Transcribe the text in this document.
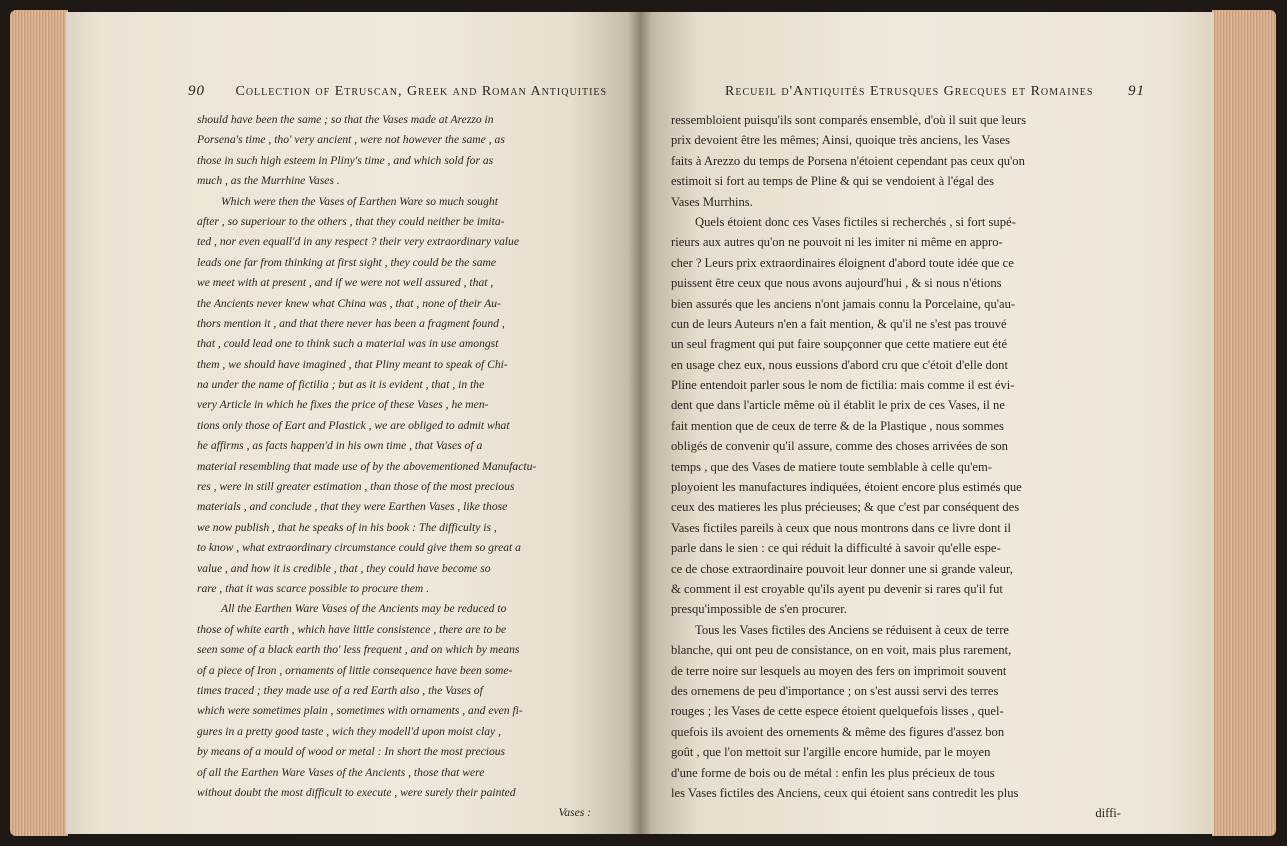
90 Collection of Etruscan, Greek and Roman Antiquities
should have been the same ; so that the Vases made at Arezzo in
Porsena's time , tho' very ancient , were not however the same , as
those in such high esteem in Pliny's time , and which sold for as
much , as the Murrhine Vases .
Which were then the Vases of Earthen Ware so much sought
after , so superiour to the others , that they could neither be imita-
ted , nor even equall'd in any respect ? their very extraordinary value
leads one far from thinking at first sight , they could be the same
we meet with at present , and if we were not well assured , that ,
the Ancients never knew what China was , that , none of their Au-
thors mention it , and that there never has been a fragment found ,
that , could lead one to think such a material was in use amongst
them , we should have imagined , that Pliny meant to speak of Chi-
na under the name of fictilia ; but as it is evident , that , in the
very Article in which he fixes the price of these Vases , he men-
tions only those of Eart and Plastick , we are obliged to admit what
he affirms , as facts happen'd in his own time , that Vases of a
material resembling that made use of by the abovementioned Manufactu-
res , were in still greater estimation , than those of the most precious
materials , and conclude , that they were Earthen Vases , like those
we now publish , that he speaks of in his book : The difficulty is ,
to know , what extraordinary circumstance could give them so great a
value , and how it is credible , that , they could have become so
rare , that it was scarce possible to procure them .
All the Earthen Ware Vases of the Ancients may be reduced to
those of white earth , which have little consistence , there are to be
seen some of a black earth tho' less frequent , and on which by means
of a piece of Iron , ornaments of little consequence have been some-
times traced ; they made use of a red Earth also , the Vases of
which were sometimes plain , sometimes with ornaments , and even fi-
gures in a pretty good taste , wich they modell'd upon moist clay ,
by means of a mould of wood or metal : In short the most precious
of all the Earthen Ware Vases of the Ancients , those that were
without doubt the most difficult to execute , were surely their painted
Vases :
Recueil d'Antiquités Etrusques Grecques et Romaines 91
ressembloient puisqu'ils sont comparés ensemble, d'où il suit que leurs
prix devoient être les mêmes; Ainsi, quoique très anciens, les Vases
faits à Arezzo du temps de Porsena n'étoient cependant pas ceux qu'on
estimoit si fort au temps de Pline & qui se vendoient à l'égal des
Vases Murrhins.
Quels étoient donc ces Vases fictiles si recherchés , si fort supé-
rieurs aux autres qu'on ne pouvoit ni les imiter ni même en appro-
cher ? Leurs prix extraordinaires éloignent d'abord toute idée que ce
puissent être ceux que nous avons aujourd'hui , & si nous n'étions
bien assurés que les anciens n'ont jamais connu la Porcelaine, qu'au-
cun de leurs Auteurs n'en a fait mention, & qu'il ne s'est pas trouvé
un seul fragment qui put faire soupçonner que cette matiere eut été
en usage chez eux, nous eussions d'abord cru que c'étoit d'elle dont
Pline entendoit parler sous le nom de fictilia: mais comme il est évi-
dent que dans l'article même où il établit le prix de ces Vases, il ne
fait mention que de ceux de terre & de la Plastique , nous sommes
obligés de convenir qu'il assure, comme des choses arrivées de son
temps , que des Vases de matiere toute semblable à celle qu'em-
ployoient les manufactures indiquées, étoient encore plus estimés que
ceux des matieres les plus précieuses; & que c'est par conséquent des
Vases fictiles pareils à ceux que nous montrons dans ce livre dont il
parle dans le sien : ce qui réduit la difficulté à savoir qu'elle espe-
ce de chose extraordinaire pouvoit leur donner une si grande valeur,
& comment il est croyable qu'ils ayent pu devenir si rares qu'il fut
presqu'impossible de s'en procurer.
Tous les Vases fictiles des Anciens se réduisent à ceux de terre
blanche, qui ont peu de consistance, on en voit, mais plus rarement,
de terre noire sur lesquels au moyen des fers on imprimoit souvent
des ornemens de peu d'importance ; on s'est aussi servi des terres
rouges ; les Vases de cette espece étoient quelquefois lisses , quel-
quefois ils avoient des ornements & même des figures d'assez bon
goût , que l'on mettoit sur l'argille encore humide, par le moyen
d'une forme de bois ou de métal : enfin les plus précieux de tous
les Vases fictiles des Anciens, ceux qui étoient sans contredit les plus
diffi-
